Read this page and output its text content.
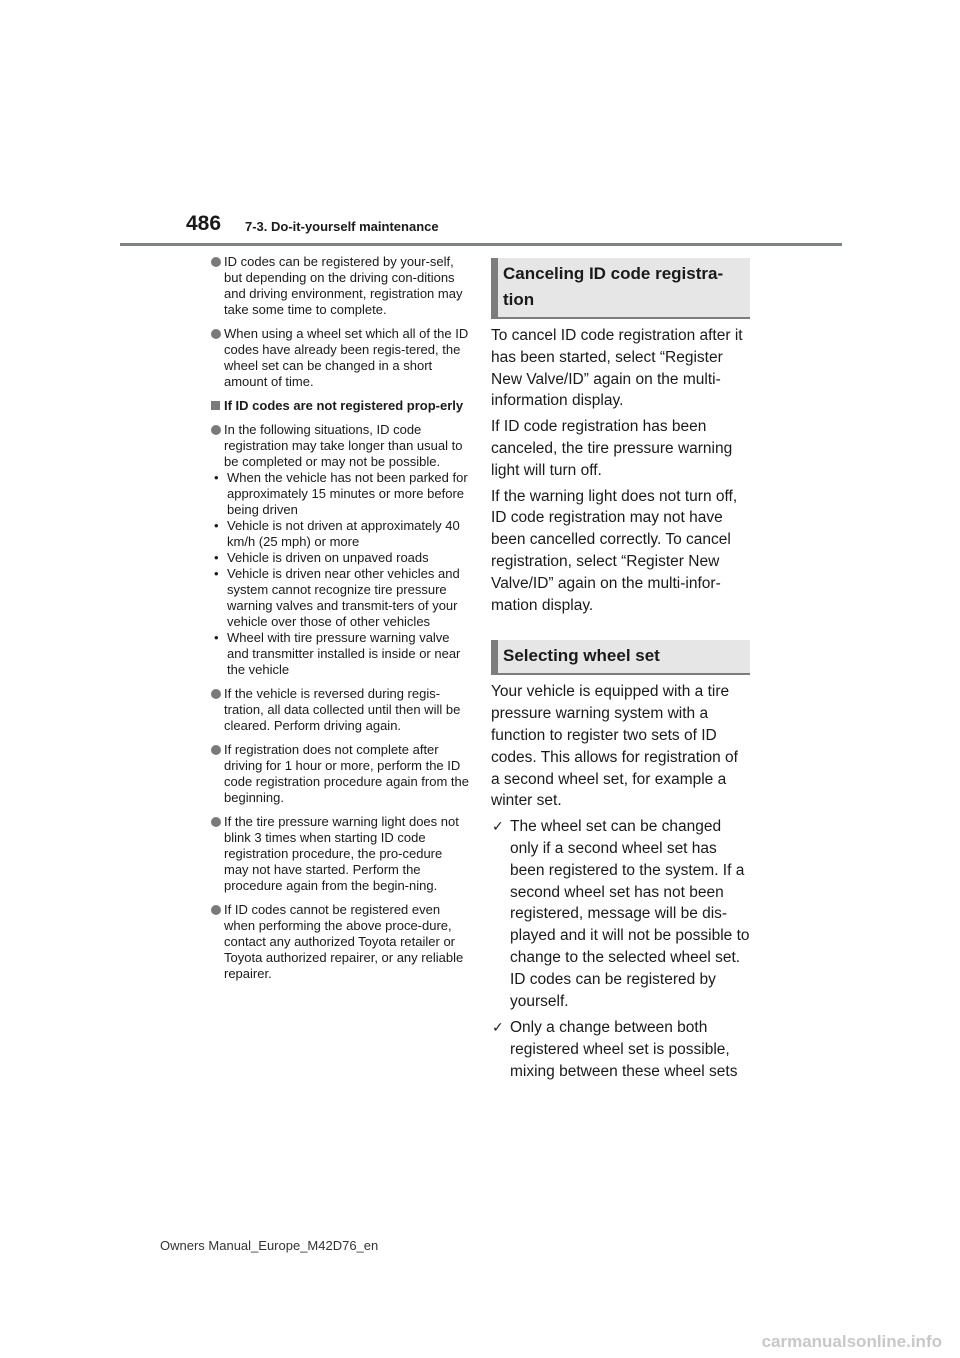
486 7-3. Do-it-yourself maintenance
ID codes can be registered by your-self, but depending on the driving con-ditions and driving environment, registration may take some time to complete.
When using a wheel set which all of the ID codes have already been regis-tered, the wheel set can be changed in a short amount of time.
If ID codes are not registered prop-erly
In the following situations, ID code registration may take longer than usual to be completed or may not be possible.
• When the vehicle has not been parked for approximately 15 minutes or more before being driven
• Vehicle is not driven at approximately 40 km/h (25 mph) or more
• Vehicle is driven on unpaved roads
• Vehicle is driven near other vehicles and system cannot recognize tire pressure warning valves and transmit-ters of your vehicle over those of other vehicles
• Wheel with tire pressure warning valve and transmitter installed is inside or near the vehicle
If the vehicle is reversed during regis-tration, all data collected until then will be cleared. Perform driving again.
If registration does not complete after driving for 1 hour or more, perform the ID code registration procedure again from the beginning.
If the tire pressure warning light does not blink 3 times when starting ID code registration procedure, the pro-cedure may not have started. Perform the procedure again from the begin-ning.
If ID codes cannot be registered even when performing the above proce-dure, contact any authorized Toyota retailer or Toyota authorized repairer, or any reliable repairer.
Canceling ID code registra-tion

To cancel ID code registration after it has been started, select “Register New Valve/ID” again on the multi-information display.

If ID code registration has been canceled, the tire pressure warning light will turn off.

If the warning light does not turn off, ID code registration may not have been cancelled correctly. To cancel registration, select “Register New Valve/ID” again on the multi-infor-mation display.

Selecting wheel set

Your vehicle is equipped with a tire pressure warning system with a function to register two sets of ID codes. This allows for registration of a second wheel set, for example a winter set.

✓ The wheel set can be changed only if a second wheel set has been registered to the system. If a second wheel set has not been registered, message will be dis-played and it will not be possible to change to the selected wheel set.
ID codes can be registered by yourself.
✓ Only a change between both registered wheel set is possible, mixing between these wheel sets
Owners Manual_Europe_M42D76_en
carmanualsonline.info
